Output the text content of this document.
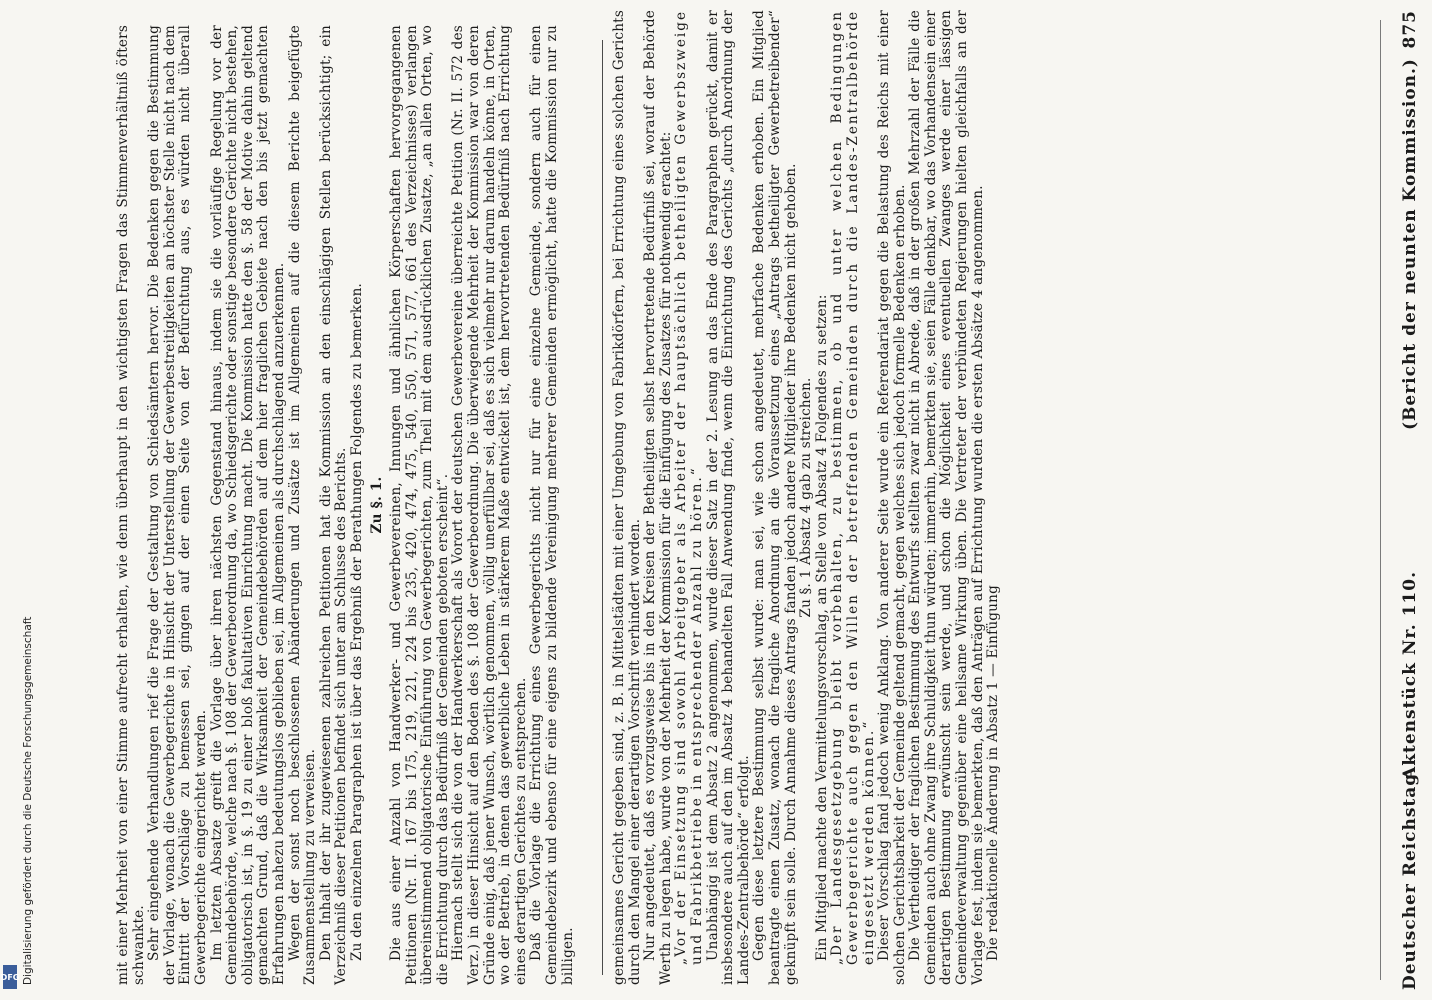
Deutscher Reichstag.
Aktenstück Nr. 110.
(Bericht der neunten Kommission.)
875

gemeinsames Gericht gegeben sind, z. B. in Mittelstädten mit einer Umgebung von Fabrikdörfern, bei Errichtung eines solchen Gerichts durch den Mangel einer derartigen Vorschrift verhindert worden. Nur angedeutet, daß es vorzugsweise bis in den Kreisen der Betheiligten selbst hervortretende Bedürfniß sei, worauf der Behörde Werth zu legen habe, wurde von der Mehrheit der Kommission für die Einfügung des Zusatzes für nothwendig erachtet: „Vor der Einsetzung sind sowohl Arbeitgeber als Arbeiter der hauptsächlich betheiligten Gewerbszweige und Fabrikbetriebe in entsprechender Anzahl zu hören.“ Unabhängig ist dem Absatz 2 angenommen, wurde dieser Satz in der 2. Lesung an das Ende des Paragraphen gerückt, damit er insbesondere auch auf den im Absatz 4 behandelten Fall Anwendung finde, wenn die Einrichtung des Gerichts „durch Anordnung der Landes-Zentralbehörde“ erfolgt. Gegen diese letztere Bestimmung selbst wurde: man sei, wie schon angedeutet, mehrfache Bedenken erhoben. Ein Mitglied beantragte einen Zusatz, wonach die fragliche Anordnung an die Voraussetzung eines „Antrags betheiligter Gewerbetreibender“ geknüpft sein solle. Durch Annahme dieses Antrags fanden jedoch andere Mitglieder ihre Bedenken nicht gehoben. Zu §. 1 Absatz 4 gab zu streichen. Ein Mitglied machte den Vermittelungsvorschlag, an Stelle von Absatz 4 Folgendes zu setzen: „Der Landesgesetzgebung bleibt vorbehalten, zu bestimmen, ob und unter welchen Bedingungen Gewerbegerichte auch gegen den Willen der betreffenden Gemeinden durch die Landes-Zentralbehörde eingesetzt werden können.“ Dieser Vorschlag fand jedoch wenig Anklang. Von anderer Seite wurde ein Referendariat gegen die Belastung des Reichs mit einer solchen Gerichtsbarkeit der Gemeinde geltend gemacht, gegen welches sich jedoch formelle Bedenken erhoben. Die Vertheidiger der fraglichen Bestimmung des Entwurfs stellten zwar nicht in Abrede, daß in der großen Mehrzahl der Fälle die Gemeinden auch ohne Zwang ihre Schuldigkeit thun würden; immerhin, bemerkten sie, seien Fälle denkbar, wo das Vorhandensein einer derartigen Bestimmung erwünscht sein werde, und schon die Möglichkeit eines eventuellen Zwanges werde einer lässigen Gemeindeverwaltung gegenüber eine heilsame Wirkung üben. Die Vertreter der verbündeten Regierungen hielten gleichfalls an der Vorlage fest, indem sie bemerkten, daß den Anträgen auf Errichtung wurden die ersten Absätze 4 angenommen. Die redaktionelle Änderung in Absatz 1 — Einfügung

mit einer Mehrheit von einer Stimme aufrecht erhalten, wie denn überhaupt in den wichtigsten Fragen das Stimmenverhältniß öfters schwankte. Sehr eingehende Verhandlungen rief die Frage der Gestaltung von Schiedsämtern hervor. Die Bedenken gegen die Bestimmung der Vorlage, wonach die Gewerbegerichte in Hinsicht der Unterstellung der Gewerbestreitigkeiten an höchster Stelle nicht nach dem Eintritt der Vorschläge zu bemessen sei, gingen auf der einen Seite von der Befürchtung aus, es würden nicht überall Gewerbegerichte eingerichtet werden. Im letzten Absatze greift die Vorlage über ihren nächsten Gegenstand hinaus, indem sie die vorläufige Regelung vor der Gemeindebehörde, welche nach §. 108 der Gewerbeordnung da, wo Schiedsgerichte oder sonstige besondere Gerichte nicht bestehen, obligatorisch ist, in §. 19 zu einer bloß fakultativen Einrichtung macht. Die Kommission hatte den §. 58 der Motive dahin geltend gemachten Grund, daß die Wirksamkeit der Gemeindebehörden auf dem hier fraglichen Gebiete nach den bis jetzt gemachten Erfahrungen nahezu bedeutungslos geblieben sei, im Allgemeinen als durchschlagend anzuerkennen. Wegen der sonst noch beschlossenen Abänderungen und Zusätze ist im Allgemeinen auf die diesem Berichte beigefügte Zusammenstellung zu verweisen. Den Inhalt der ihr zugewiesenen zahlreichen Petitionen hat die Kommission an den einschlägigen Stellen berücksichtigt; ein Verzeichniß dieser Petitionen befindet sich unter am Schlusse des Berichts. Zu den einzelnen Paragraphen ist über das Ergebniß der Berathungen Folgendes zu bemerken. Zu §. 1. Die aus einer Anzahl von Handwerker- und Gewerbevereinen, Innungen und ähnlichen Körperschaften hervorgegangenen Petitionen (Nr. II. 167 bis 175, 219, 221, 224 bis 235, 420, 474, 475, 540, 550, 571, 577, 661 des Verzeichnisses) verlangen übereinstimmend obligatorische Einführung von Gewerbegerichten, zum Theil mit dem ausdrücklichen Zusatze, „an allen Orten, wo die Errichtung durch das Bedürfniß der Gemeinden geboten erscheint“. Hiernach stellt sich die von der Handwerkerschaft als Vorort der deutschen Gewerbevereine überreichte Petition (Nr. II. 572 des Verz.) in dieser Hinsicht auf den Boden des §. 108 der Gewerbeordnung. Die überwiegende Mehrheit der Kommission war von deren Gründe einig, daß jener Wunsch, wörtlich genommen, völlig unerfüllbar sei, daß es sich vielmehr nur darum handeln könne, in Orten, wo der Betrieb, in denen das gewerbliche Leben in stärkerem Maße entwickelt ist, dem hervortretenden Bedürfniß nach Errichtung eines derartigen Gerichtes zu entsprechen. Daß die Vorlage die Errichtung eines Gewerbegerichts nicht nur für eine einzelne Gemeinde, sondern auch für einen Gemeindebezirk und ebenso für eine eigens zu bildende Vereinigung mehrerer Gemeinden ermöglicht, hatte die Kommission nur zu billigen.

Digitalisierung gefördert durch die Deutsche Forschungsgemeinschaft
DFG
